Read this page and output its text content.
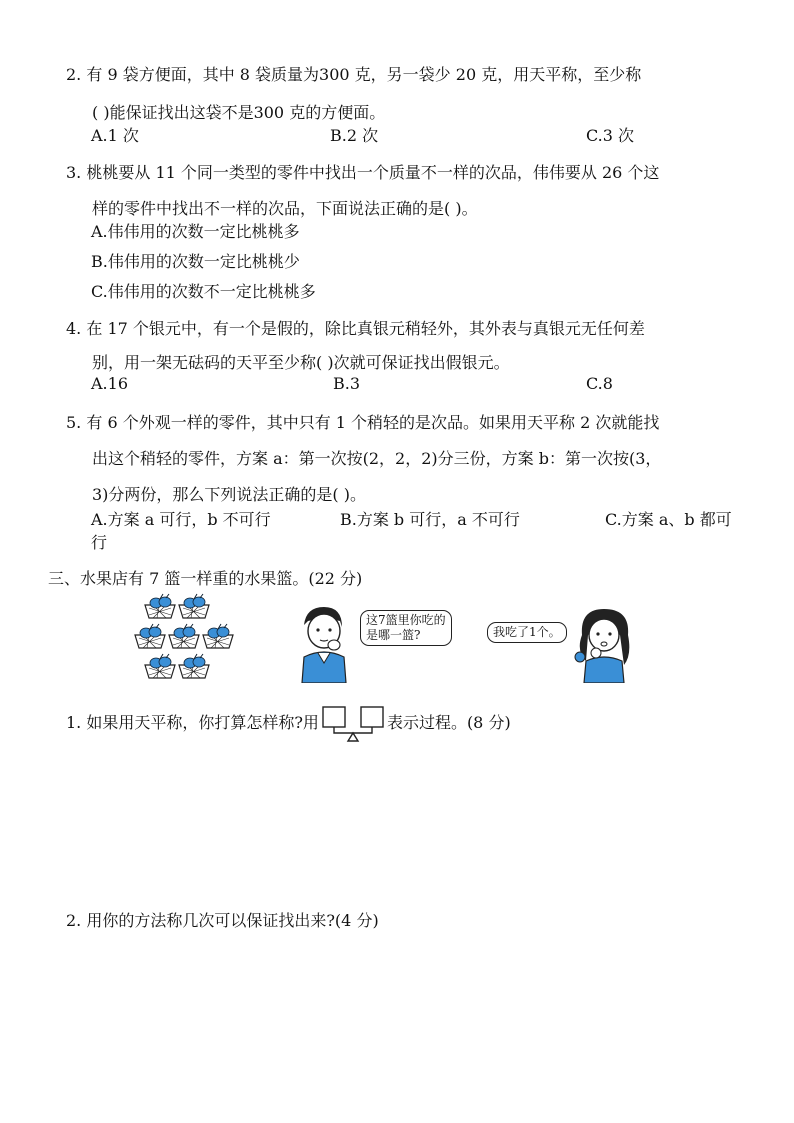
2. 有 9 袋方便面，其中 8 袋质量为300 克，另一袋少 20 克，用天平称，至少称
( )能保证找出这袋不是300 克的方便面。
A.1 次	B.2 次	C.3 次
3. 桃桃要从 11 个同一类型的零件中找出一个质量不一样的次品，伟伟要从 26 个这
样的零件中找出不一样的次品，下面说法正确的是( )。
A.伟伟用的次数一定比桃桃多
B.伟伟用的次数一定比桃桃少
C.伟伟用的次数不一定比桃桃多
4. 在 17 个银元中，有一个是假的，除比真银元稍轻外，其外表与真银元无任何差
别，用一架无砝码的天平至少称( )次就可保证找出假银元。
A.16	B.3	C.8
5. 有 6 个外观一样的零件，其中只有 1 个稍轻的是次品。如果用天平称 2 次就能找
出这个稍轻的零件，方案 a：第一次按(2，2，2)分三份，方案 b：第一次按(3，
3)分两份，那么下列说法正确的是( )。
A.方案 a 可行，b 不可行	B.方案 b 可行，a 不可行	C.方案 a、b 都可
行
三、水果店有 7 篮一样重的水果篮。(22 分)
这7篮里你吃的
是哪一篮?	我吃了1个。
1. 如果用天平称，你打算怎样称?用	表示过程。(8 分)
2. 用你的方法称几次可以保证找出来?(4 分)
